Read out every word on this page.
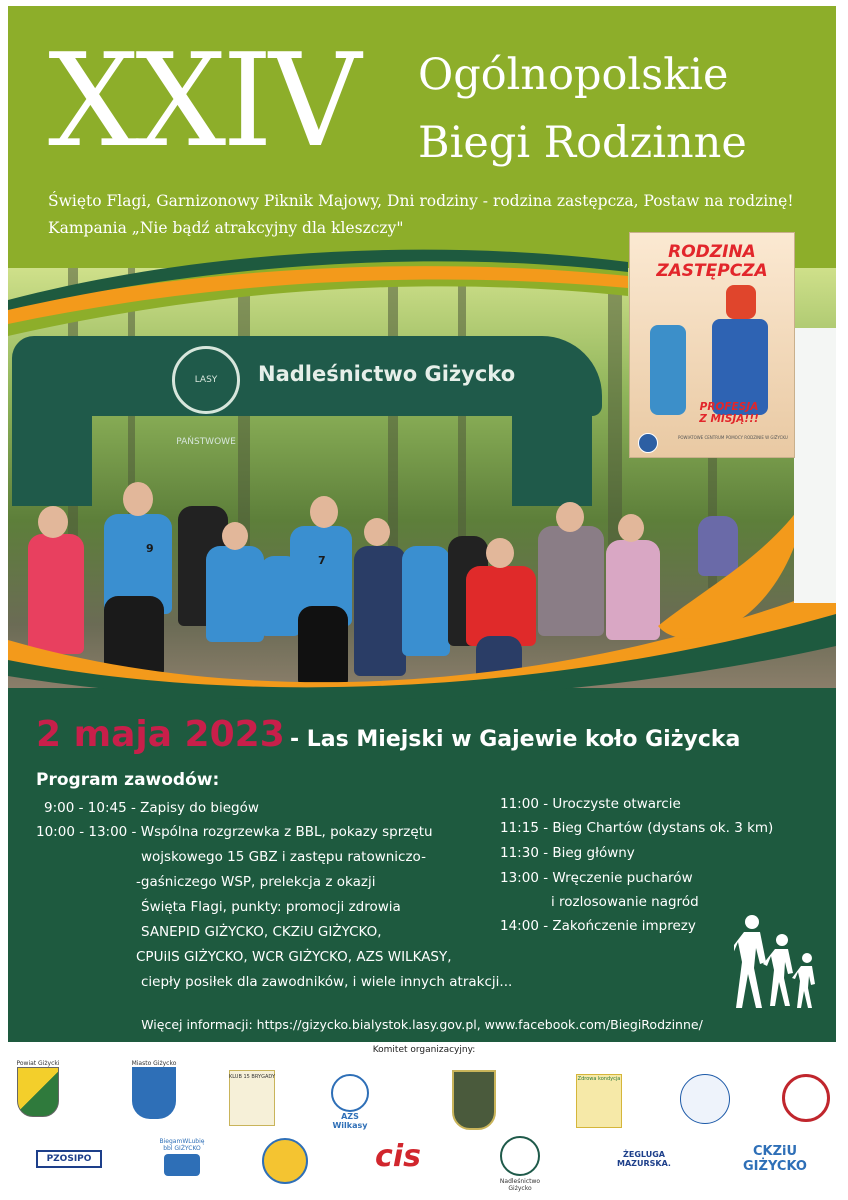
LASY PAŃSTWOWE
Nadleśnictwo Giżycko
9
7
RODZINA
ZASTĘPCZA
PROFESJA
Z MISJĄ!!!
POWIATOWE CENTRUM POMOCY RODZINIE W GIŻYCKU
XXIV Ogólnopolskie
Biegi Rodzinne
Święto Flagi, Garnizonowy Piknik Majowy, Dni rodziny - rodzina zastępcza, Postaw na rodzinę!
Kampania „Nie bądź atrakcyjny dla kleszczy"
2 maja 2023 - Las Miejski w Gajewie koło Giżycka
Program zawodów:
9:00 - 10:45 - Zapisy do biegów
10:00 - 13:00 - Wspólna rozgrzewka z BBL, pokazy sprzętu
wojskowego 15 GBZ i zastępu ratowniczo-
-gaśniczego WSP, prelekcja z okazji
Święta Flagi, punkty: promocji zdrowia
SANEPID GIŻYCKO, CKZiU GIŻYCKO,
CPUiIS GIŻYCKO, WCR GIŻYCKO, AZS WILKASY,
ciepły posiłek dla zawodników, i wiele innych atrakcji...
11:00 - Uroczyste otwarcie
11:15 - Bieg Chartów (dystans ok. 3 km)
11:30 - Bieg główny
13:00 - Wręczenie pucharów
i rozlosowanie nagród
14:00 - Zakończenie imprezy
Więcej informacji: https://gizycko.bialystok.lasy.gov.pl, www.facebook.com/BiegiRodzinne/
Komitet organizacyjny:
Powiat Giżycki	Miasto Giżycko
KLUB 15 BRYGADY
AZS Wilkasy
Zdrowa kondycja
PZOSIPO
BiegamWLubię bbl GIŻYCKO	cis
Nadleśnictwo Giżycko
ŻEGLUGA MAZURSKA.
CKZiU GIŻYCKO
